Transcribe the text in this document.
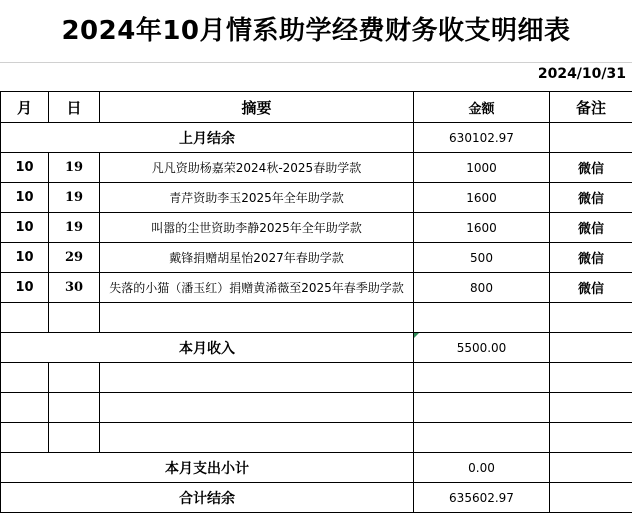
2024年10月情系助学经费财务收支明细表
2024/10/31
月	日	摘要	金额	备注
上月结余			630102.97	
10	19	凡凡资助杨嘉荣2024秋-2025春助学款	1000	微信
10	19	青芹资助李玉2025年全年助学款	1600	微信
10	19	叫嚣的尘世资助李静2025年全年助学款	1600	微信
10	29	戴锋捐赠胡星怡2027年春助学款	500	微信
10	30	失落的小猫（潘玉红）捐赠黄浠薇至2025年春季助学款	800	微信

本月收入			5500.00	

本月支出小计			0.00	
合计结余			635602.97	
